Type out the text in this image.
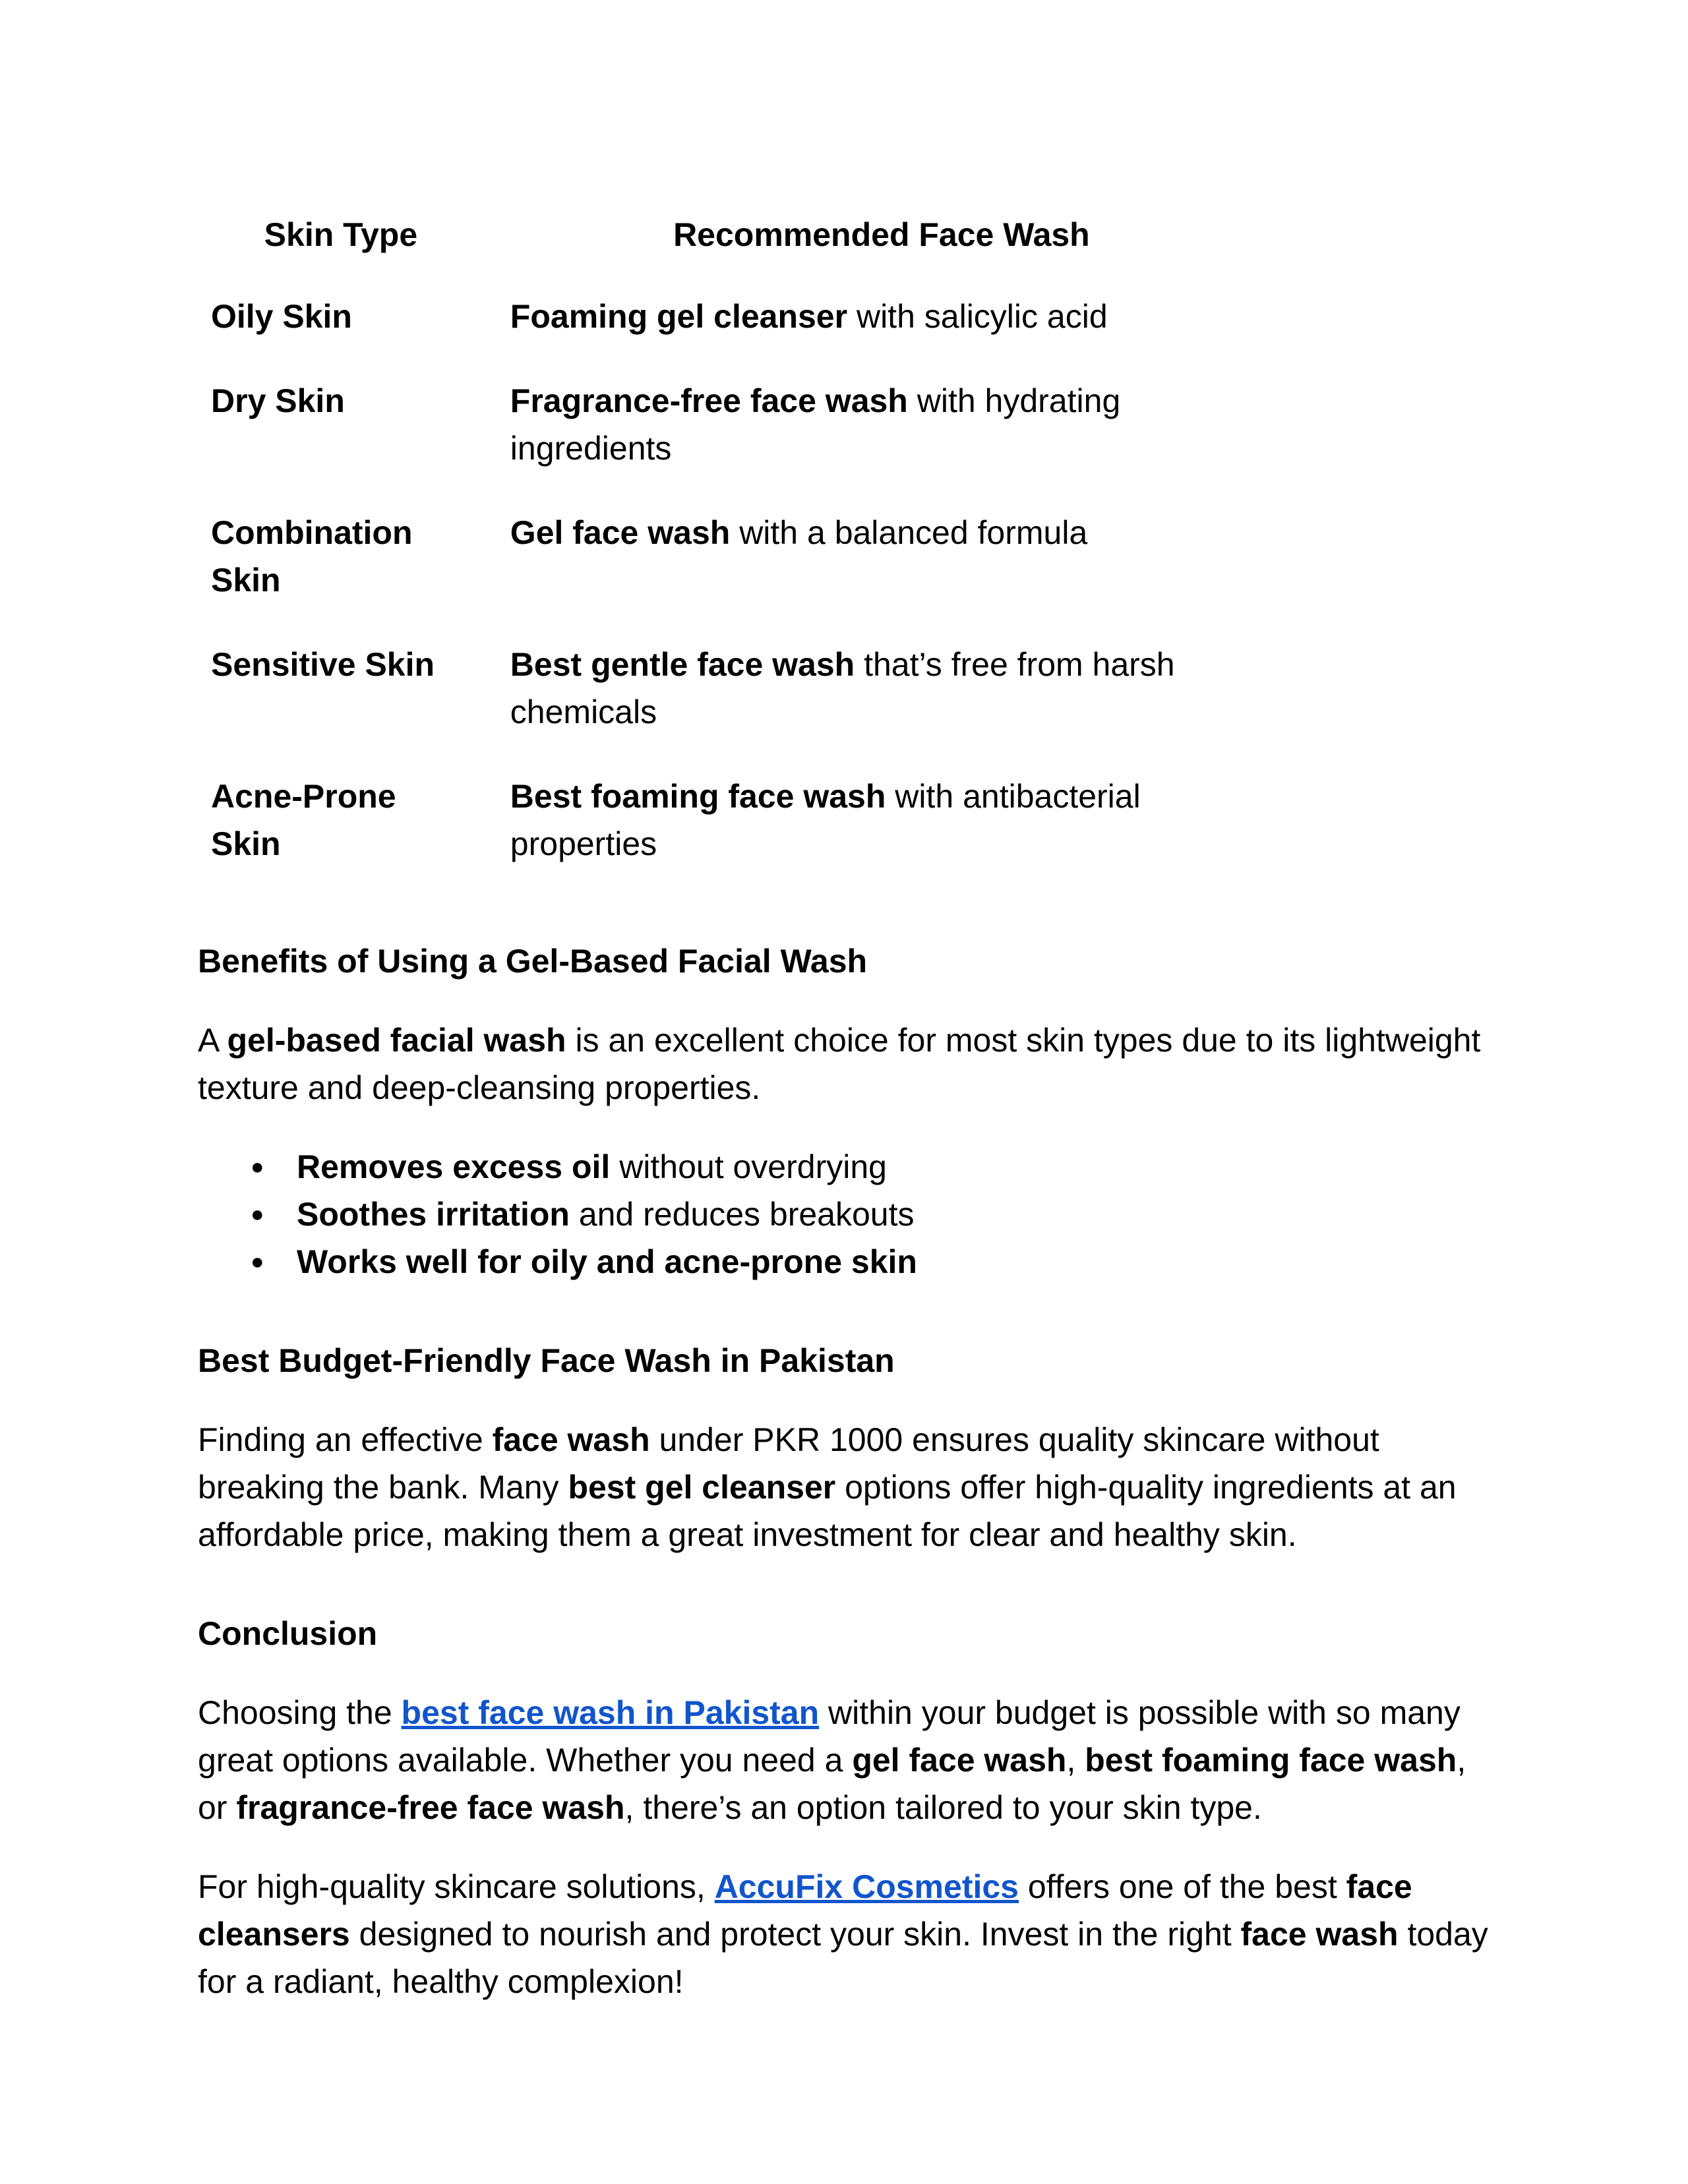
Skin Type	Recommended Face Wash
Oily Skin	Foaming gel cleanser with salicylic acid
Dry Skin	Fragrance-free face wash with hydrating ingredients
Combination Skin	Gel face wash with a balanced formula
Sensitive Skin	Best gentle face wash that’s free from harsh chemicals
Acne-Prone Skin	Best foaming face wash with antibacterial properties
Benefits of Using a Gel-Based Facial Wash

A gel-based facial wash is an excellent choice for most skin types due to its lightweight texture and deep-cleansing properties.

● Removes excess oil without overdrying
● Soothes irritation and reduces breakouts
● Works well for oily and acne-prone skin
Best Budget-Friendly Face Wash in Pakistan

Finding an effective face wash under PKR 1000 ensures quality skincare without breaking the bank. Many best gel cleanser options offer high-quality ingredients at an affordable price, making them a great investment for clear and healthy skin.

Conclusion

Choosing the best face wash in Pakistan within your budget is possible with so many great options available. Whether you need a gel face wash, best foaming face wash, or fragrance-free face wash, there’s an option tailored to your skin type.

For high-quality skincare solutions, AccuFix Cosmetics offers one of the best face cleansers designed to nourish and protect your skin. Invest in the right face wash today for a radiant, healthy complexion!
